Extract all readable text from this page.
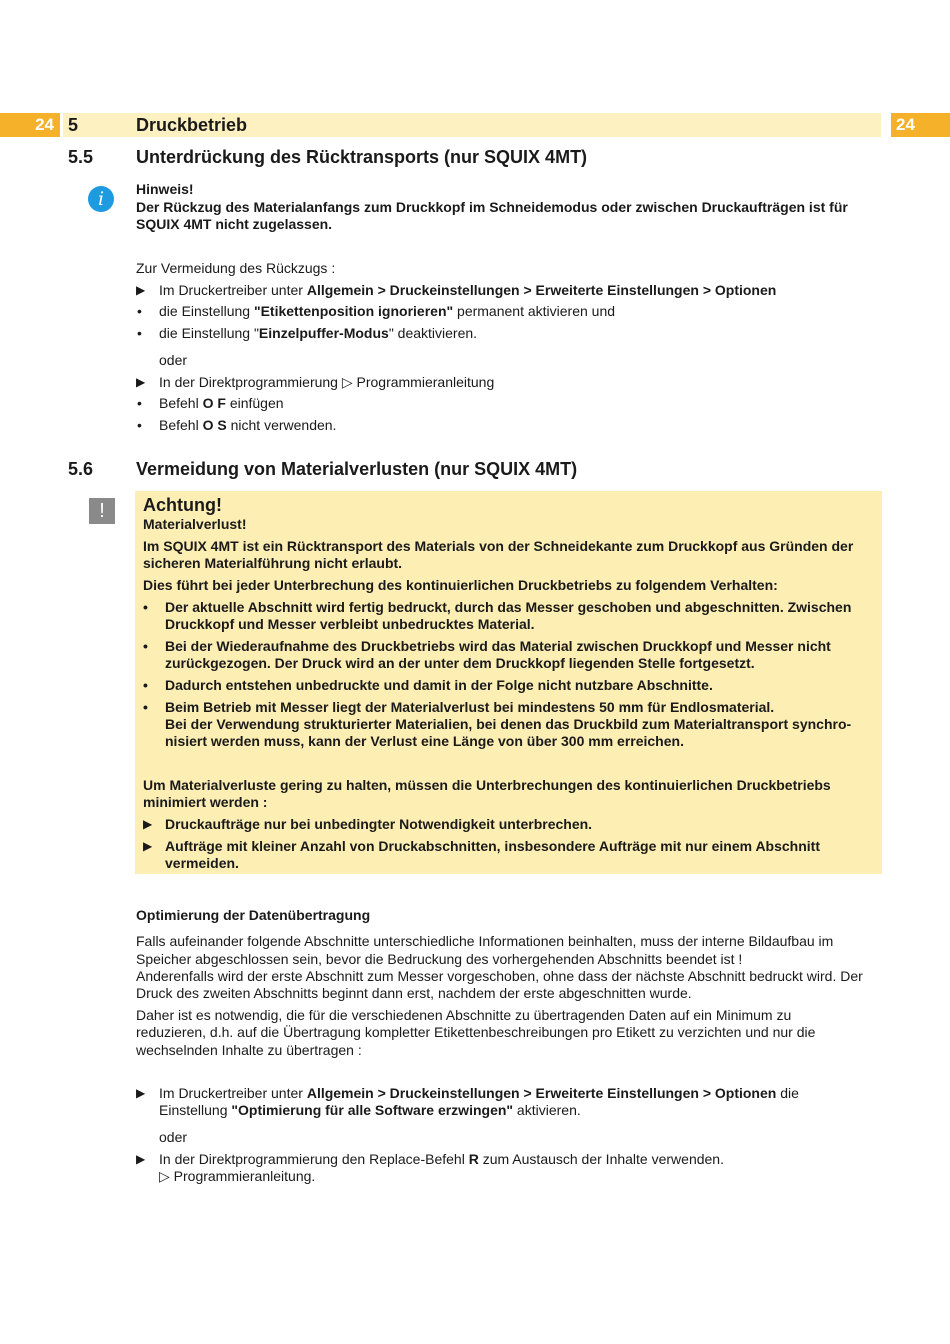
24 5	Druckbetrieb	24
5.5 Unterdrückung des Rücktransports (nur SQUIX 4MT)
i	Hinweis!

Der Rückzug des Materialanfangs zum Druckkopf im Schneidemodus oder zwischen Druckaufträgen ist für

SQUIX 4MT nicht zugelassen.

Zur Vermeidung des Rückzugs :

▶ Im Druckertreiber unter Allgemein > Druckeinstellungen > Erweiterte Einstellungen > Optionen

• die Einstellung "Etikettenposition ignorieren" permanent aktivieren und

• die Einstellung "Einzelpuffer-Modus" deaktivieren.

oder

▶ In der Direktprogrammierung ▷ Programmieranleitung

• Befehl O F einfügen

• Befehl O S nicht verwenden.

5.6 Vermeidung von Materialverlusten (nur SQUIX 4MT)
!	Achtung!

Materialverlust!

Im SQUIX 4MT ist ein Rücktransport des Materials von der Schneidekante zum Druckkopf aus Gründen der

sicheren Materialführung nicht erlaubt.

Dies führt bei jeder Unterbrechung des kontinuierlichen Druckbetriebs zu folgendem Verhalten:

• Der aktuelle Abschnitt wird fertig bedruckt, durch das Messer geschoben und abgeschnitten. Zwischen

Druckkopf und Messer verbleibt unbedrucktes Material.

• Bei der Wiederaufnahme des Druckbetriebs wird das Material zwischen Druckkopf und Messer nicht

zurückgezogen. Der Druck wird an der unter dem Druckkopf liegenden Stelle fortgesetzt.

• Dadurch entstehen unbedruckte und damit in der Folge nicht nutzbare Abschnitte.

• Beim Betrieb mit Messer liegt der Materialverlust bei mindestens 50 mm für Endlosmaterial.

Bei der Verwendung strukturierter Materialien, bei denen das Druckbild zum Materialtransport synchro-

nisiert werden muss, kann der Verlust eine Länge von über 300 mm erreichen.

Um Materialverluste gering zu halten, müssen die Unterbrechungen des kontinuierlichen Druckbetriebs

minimiert werden :

▶ Druckaufträge nur bei unbedingter Notwendigkeit unterbrechen.

▶ Aufträge mit kleiner Anzahl von Druckabschnitten, insbesondere Aufträge mit nur einem Abschnitt

vermeiden.

Optimierung der Datenübertragung

Falls aufeinander folgende Abschnitte unterschiedliche Informationen beinhalten, muss der interne Bildaufbau im

Speicher abgeschlossen sein, bevor die Bedruckung des vorhergehenden Abschnitts beendet ist !

Anderenfalls wird der erste Abschnitt zum Messer vorgeschoben, ohne dass der nächste Abschnitt bedruckt wird. Der

Druck des zweiten Abschnitts beginnt dann erst, nachdem der erste abgeschnitten wurde.

Daher ist es notwendig, die für die verschiedenen Abschnitte zu übertragenden Daten auf ein Minimum zu

reduzieren, d.h. auf die Übertragung kompletter Etikettenbeschreibungen pro Etikett zu verzichten und nur die

wechselnden Inhalte zu übertragen :

▶ Im Druckertreiber unter Allgemein > Druckeinstellungen > Erweiterte Einstellungen > Optionen die

Einstellung "Optimierung für alle Software erzwingen" aktivieren.

oder

▶ In der Direktprogrammierung den Replace-Befehl R zum Austausch der Inhalte verwenden.

▷ Programmieranleitung.
